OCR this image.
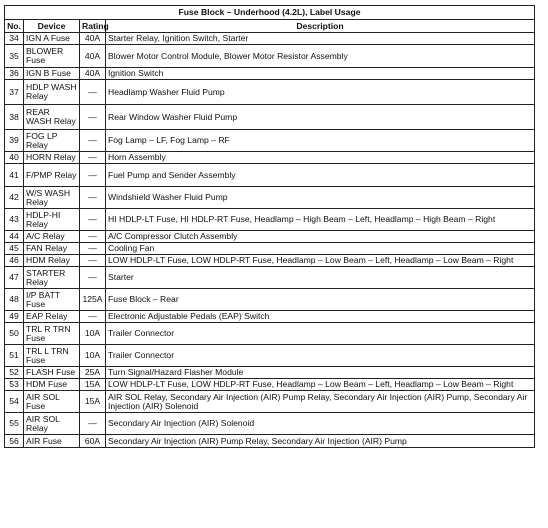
Fuse Block – Underhood (4.2L), Label Usage			
No.	Device	Rating	Description
34	IGN A Fuse	40A	Starter Relay, Ignition Switch, Starter
35	BLOWER Fuse	40A	Blower Motor Control Module, Blower Motor Resistor Assembly
36	IGN B Fuse	40A	Ignition Switch
37	HDLP WASH Relay	—	Headlamp Washer Fluid Pump
38	REAR WASH Relay	—	Rear Window Washer Fluid Pump
39	FOG LP Relay	—	Fog Lamp – LF, Fog Lamp – RF
40	HORN Relay	—	Horn Assembly
41	F/PMP Relay	—	Fuel Pump and Sender Assembly
42	W/S WASH Relay	—	Windshield Washer Fluid Pump
43	HDLP-HI Relay	—	HI HDLP-LT Fuse, HI HDLP-RT Fuse, Headlamp – High Beam – Left, Headlamp – High Beam – Right
44	A/C Relay	—	A/C Compressor Clutch Assembly
45	FAN Relay	—	Cooling Fan
46	HDM Relay	—	LOW HDLP-LT Fuse, LOW HDLP-RT Fuse, Headlamp – Low Beam – Left, Headlamp – Low Beam – Right
47	STARTER Relay	—	Starter
48	I/P BATT Fuse	125A	Fuse Block – Rear
49	EAP Relay	—	Electronic Adjustable Pedals (EAP) Switch
50	TRL R TRN Fuse	10A	Trailer Connector
51	TRL L TRN Fuse	10A	Trailer Connector
52	FLASH Fuse	25A	Turn Signal/Hazard Flasher Module
53	HDM Fuse	15A	LOW HDLP-LT Fuse, LOW HDLP-RT Fuse, Headlamp – Low Beam – Left, Headlamp – Low Beam – Right
54	AIR SOL Fuse	15A	AIR SOL Relay, Secondary Air Injection (AIR) Pump Relay, Secondary Air Injection (AIR) Pump, Secondary Air Injection (AIR) Solenoid
55	AIR SOL Relay	—	Secondary Air Injection (AIR) Solenoid
56	AIR Fuse	60A	Secondary Air Injection (AIR) Pump Relay, Secondary Air Injection (AIR) Pump
